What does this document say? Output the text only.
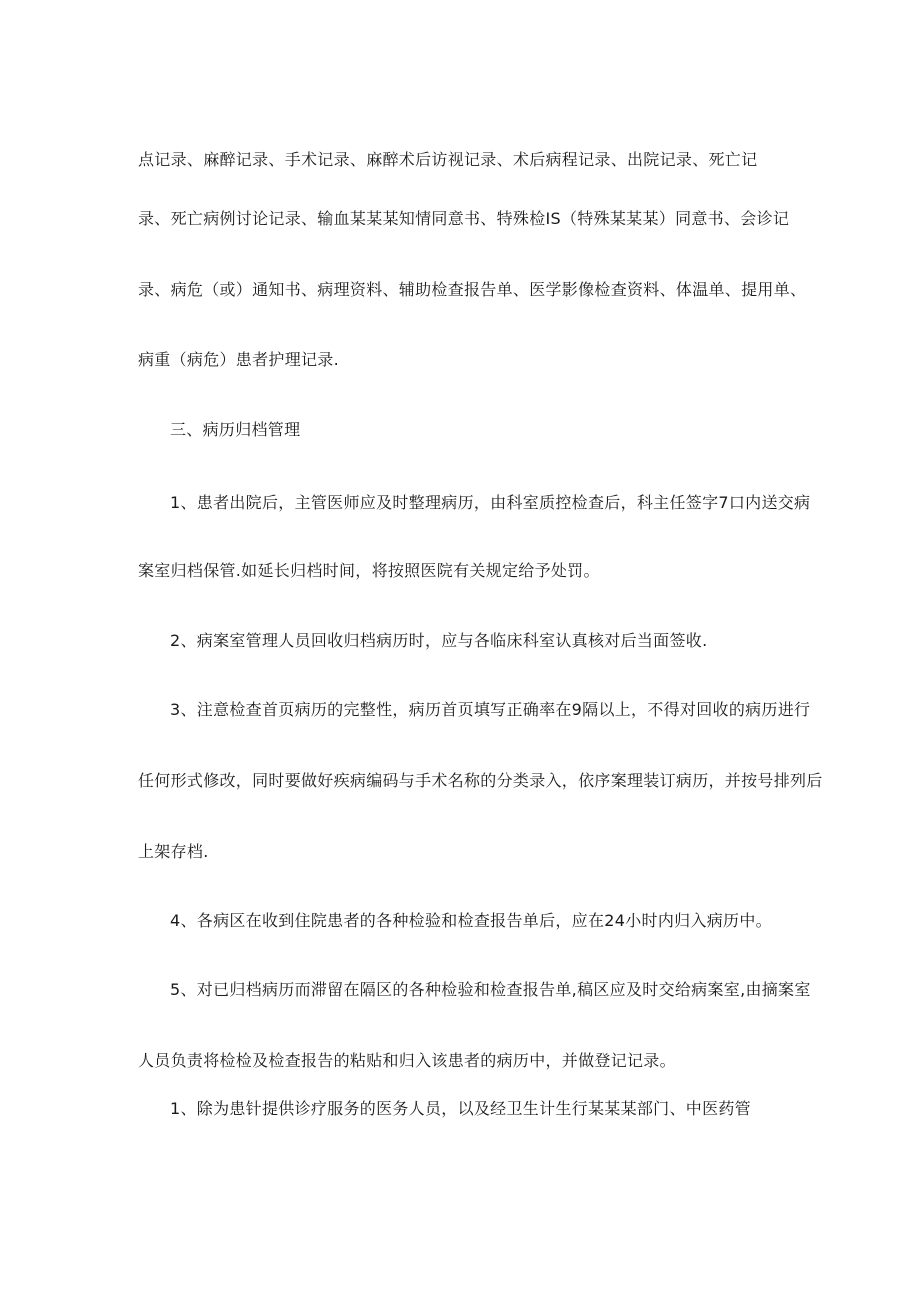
点记录、麻醉记录、手术记录、麻醉术后访视记录、术后病程记录、出院记录、死亡记
录、死亡病例讨论记录、输血某某某知情同意书、特殊检IS（特殊某某某）同意书、会诊记
录、病危（或）通知书、病理资料、辅助检查报告单、医学影像检查资料、体温单、提用单、
病重（病危）患者护理记录.
三、病历归档管理
1、患者出院后，主管医师应及时整理病历，由科室质控检查后，科主任签字7口内送交病
案室归档保管.如延长归档时间，将按照医院有关规定给予处罚。
2、病案室管理人员回收归档病历时，应与各临床科室认真核对后当面签收.
3、注意检查首页病历的完整性，病历首页填写正确率在9隔以上，不得对回收的病历进行
任何形式修改，同时要做好疾病编码与手术名称的分类录入，依序案理装订病历，并按号排列后
上架存档.
4、各病区在收到住院患者的各种检验和检查报告单后，应在24小时内归入病历中。
5、对已归档病历而滞留在隔区的各种检验和检查报告单,稿区应及时交给病案室,由摘案室
人员负责将检检及检查报告的粘贴和归入该患者的病历中，并做登记记录。
1、除为患针提供诊疗服务的医务人员，以及经卫生计生行某某某部门、中医药管
